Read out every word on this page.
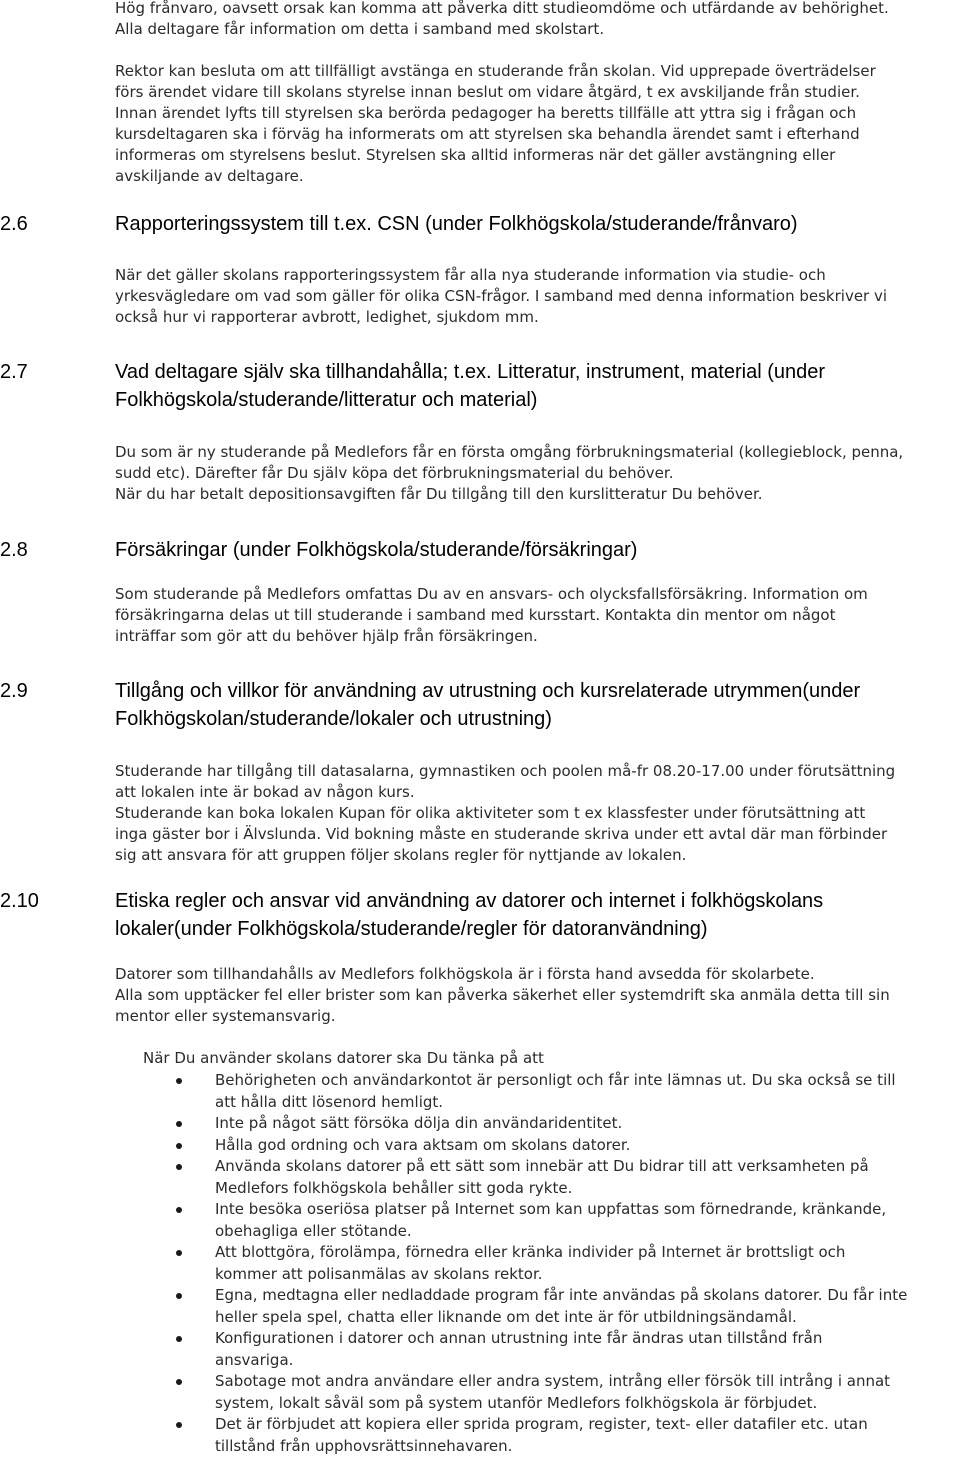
Hög frånvaro, oavsett orsak kan komma att påverka ditt studieomdöme och utfärdande av behörighet.
Alla deltagare får information om detta i samband med skolstart.
Rektor kan besluta om att tillfälligt avstänga en studerande från skolan. Vid upprepade överträdelser
förs ärendet vidare till skolans styrelse innan beslut om vidare åtgärd, t ex avskiljande från studier.
Innan ärendet lyfts till styrelsen ska berörda pedagoger ha beretts tillfälle att yttra sig i frågan och
kursdeltagaren ska i förväg ha informerats om att styrelsen ska behandla ärendet samt i efterhand
informeras om styrelsens beslut. Styrelsen ska alltid informeras när det gäller avstängning eller
avskiljande av deltagare.
2.6	Rapporteringssystem till t.ex. CSN (under Folkhögskola/studerande/frånvaro)
När det gäller skolans rapporteringssystem får alla nya studerande information via studie- och
yrkesvägledare om vad som gäller för olika CSN-frågor. I samband med denna information beskriver vi
också hur vi rapporterar avbrott, ledighet, sjukdom mm.
2.7	Vad deltagare själv ska tillhandahålla; t.ex. Litteratur, instrument, material (under
Folkhögskola/studerande/litteratur och material)
Du som är ny studerande på Medlefors får en första omgång förbrukningsmaterial (kollegieblock, penna,
sudd etc). Därefter får Du själv köpa det förbrukningsmaterial du behöver.
När du har betalt depositionsavgiften får Du tillgång till den kurslitteratur Du behöver.
2.8	Försäkringar (under Folkhögskola/studerande/försäkringar)
Som studerande på Medlefors omfattas Du av en ansvars- och olycksfallsförsäkring. Information om
försäkringarna delas ut till studerande i samband med kursstart. Kontakta din mentor om något
inträffar som gör att du behöver hjälp från försäkringen.
2.9	Tillgång och villkor för användning av utrustning och kursrelaterade utrymmen(under
Folkhögskolan/studerande/lokaler och utrustning)
Studerande har tillgång till datasalarna, gymnastiken och poolen må-fr 08.20-17.00 under förutsättning
att lokalen inte är bokad av någon kurs.
Studerande kan boka lokalen Kupan för olika aktiviteter som t ex klassfester under förutsättning att
inga gäster bor i Älvslunda. Vid bokning måste en studerande skriva under ett avtal där man förbinder
sig att ansvara för att gruppen följer skolans regler för nyttjande av lokalen.
2.10	Etiska regler och ansvar vid användning av datorer och internet i folkhögskolans
lokaler(under Folkhögskola/studerande/regler för datoranvändning)
Datorer som tillhandahålls av Medlefors folkhögskola är i första hand avsedda för skolarbete.
Alla som upptäcker fel eller brister som kan påverka säkerhet eller systemdrift ska anmäla detta till sin
mentor eller systemansvarig.

När Du använder skolans datorer ska Du tänka på att

Behörigheten och användarkontot är personligt och får inte lämnas ut. Du ska också se till
att hålla ditt lösenord hemligt.
Inte på något sätt försöka dölja din användaridentitet.
Hålla god ordning och vara aktsam om skolans datorer.
Använda skolans datorer på ett sätt som innebär att Du bidrar till att verksamheten på
Medlefors folkhögskola behåller sitt goda rykte.
Inte besöka oseriösa platser på Internet som kan uppfattas som förnedrande, kränkande,
obehagliga eller stötande.
Att blottgöra, förolämpa, förnedra eller kränka individer på Internet är brottsligt och
kommer att polisanmälas av skolans rektor.
Egna, medtagna eller nedladdade program får inte användas på skolans datorer. Du får inte
heller spela spel, chatta eller liknande om det inte är för utbildningsändamål.
Konfigurationen i datorer och annan utrustning inte får ändras utan tillstånd från
ansvariga.
Sabotage mot andra användare eller andra system, intrång eller försök till intrång i annat
system, lokalt såväl som på system utanför Medlefors folkhögskola är förbjudet.
Det är förbjudet att kopiera eller sprida program, register, text- eller datafiler etc. utan
tillstånd från upphovsrättsinnehavaren.
